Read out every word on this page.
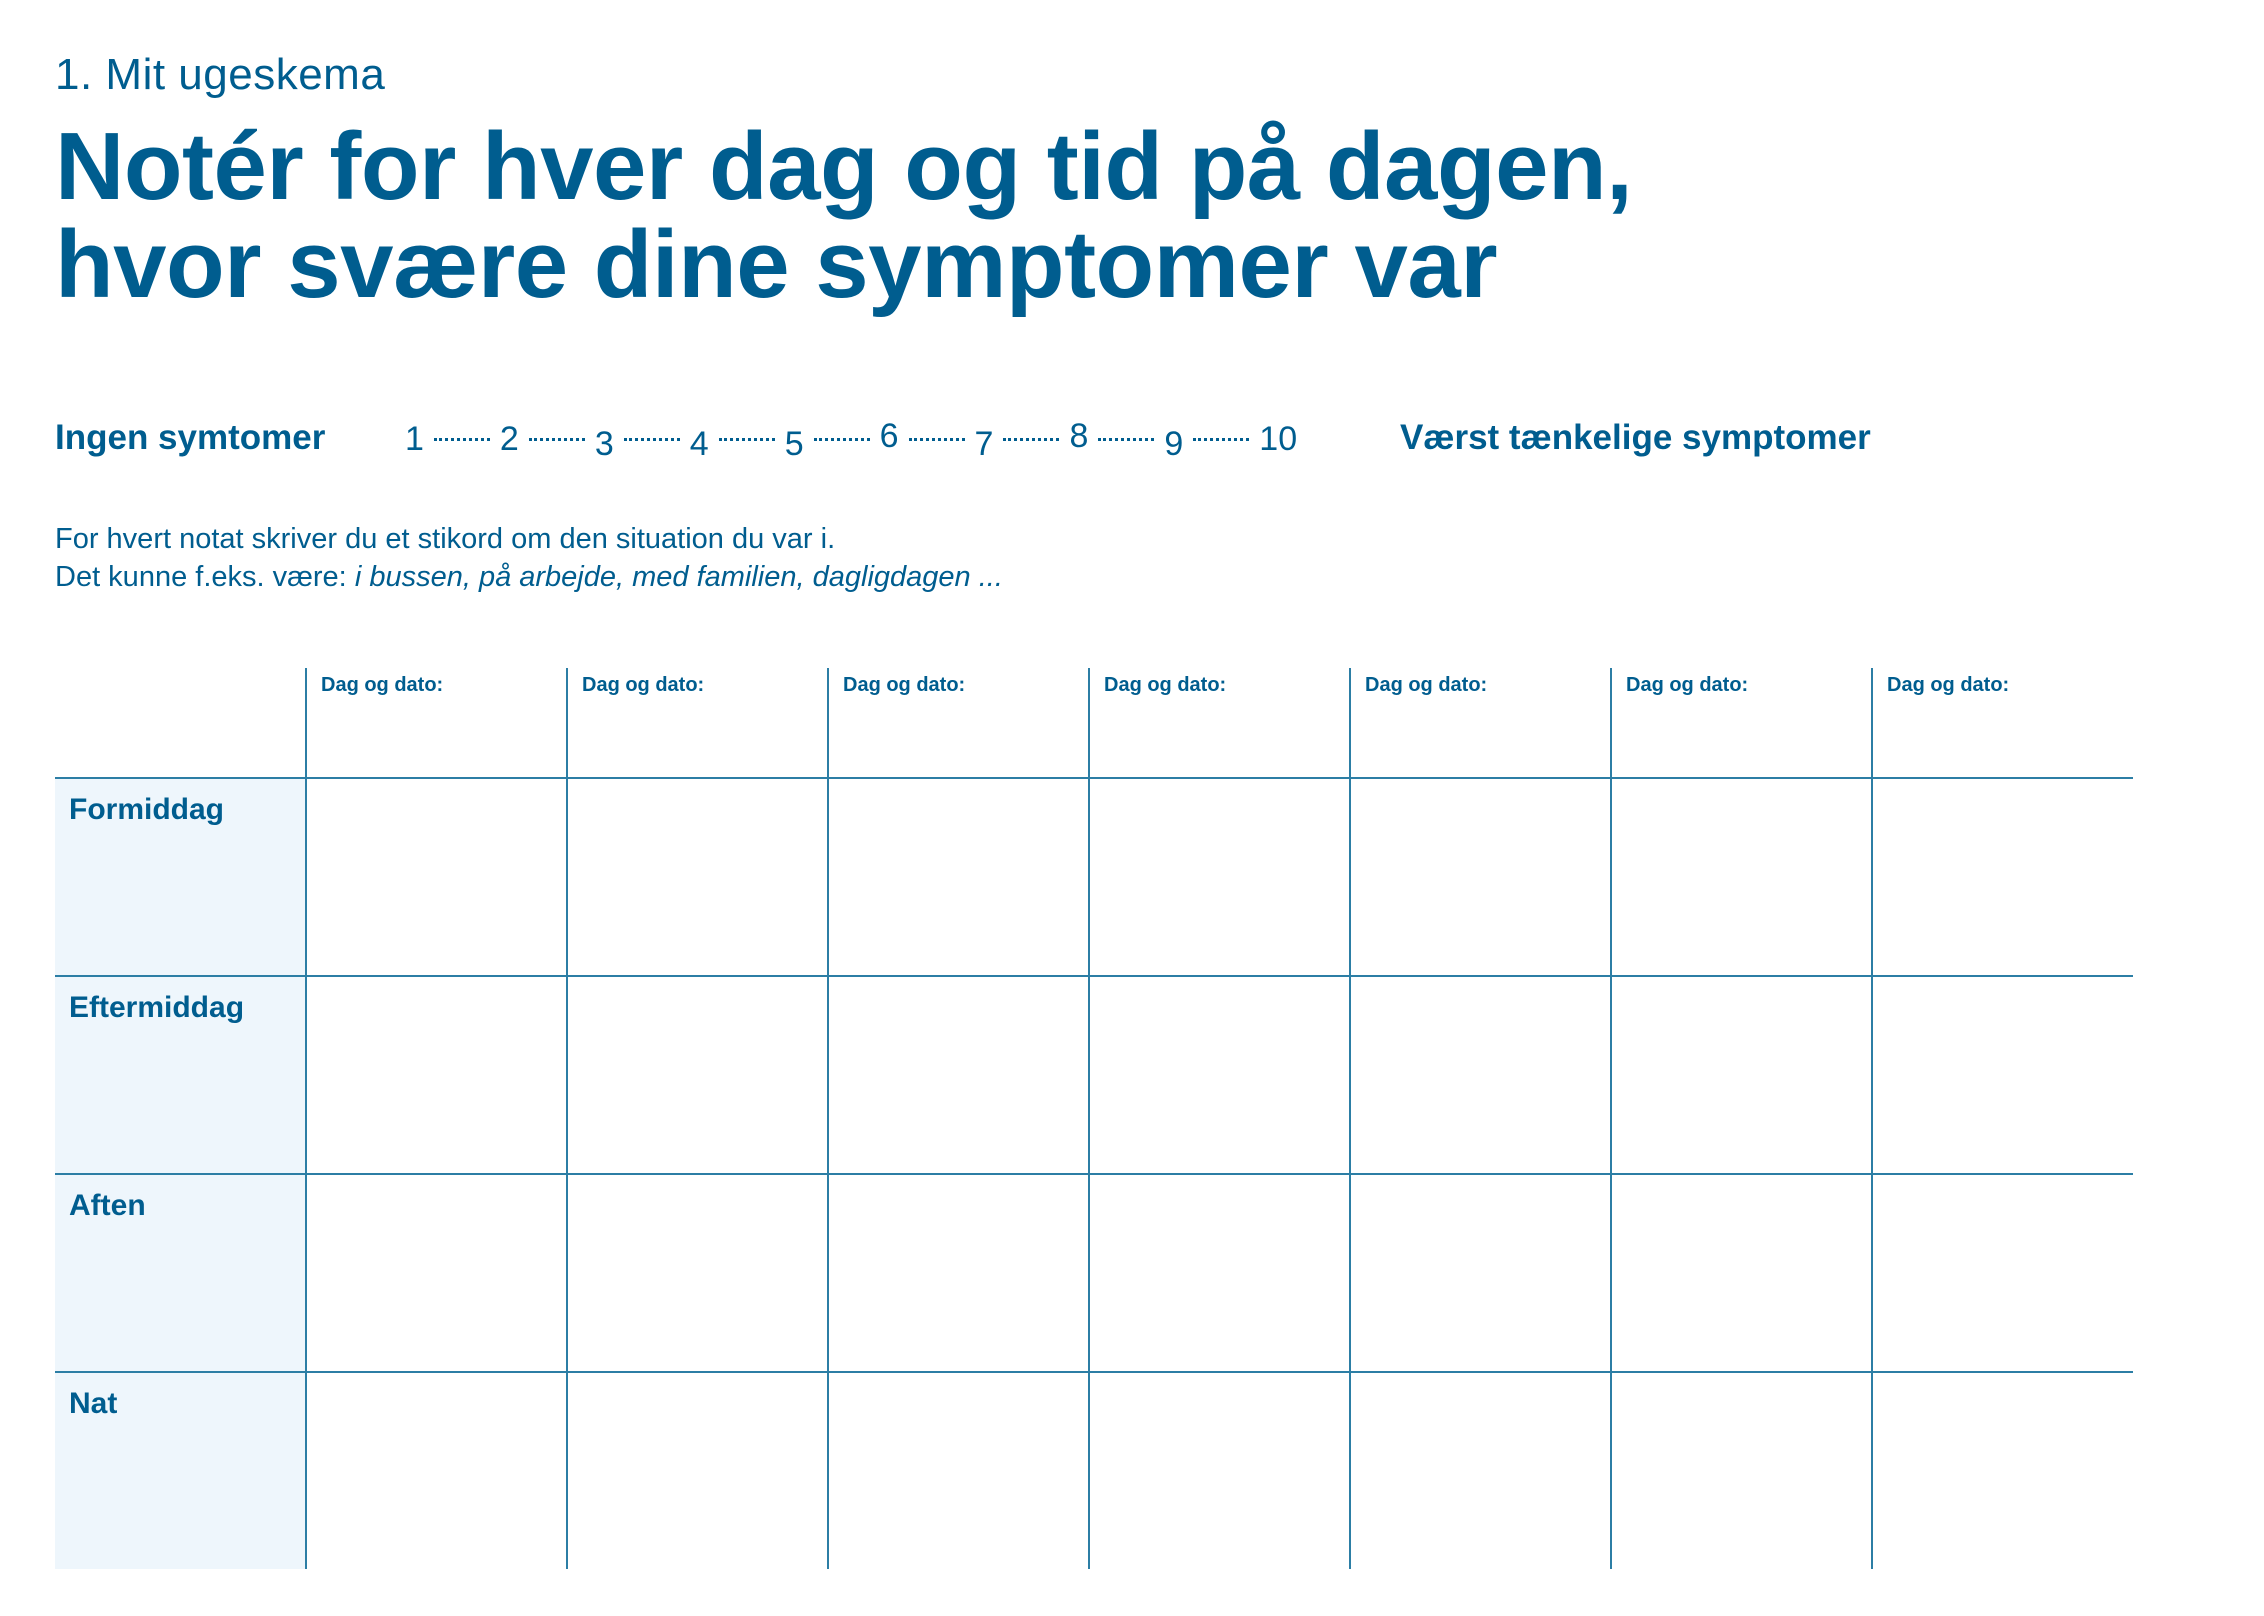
1. Mit ugeskema
Notér for hver dag og tid på dagen,
hvor svære dine symptomer var
Ingen symtomer 1 2 3 4 5 6 7 8 9 10	Værst tænkelige symptomer
For hvert notat skriver du et stikord om den situation du var i.
Det kunne f.eks. være: i bussen, på arbejde, med familien, dagligdagen ...
	Dag og dato:	Dag og dato:	Dag og dato:	Dag og dato:	Dag og dato:	Dag og dato:	Dag og dato:
Formiddag							
Eftermiddag							
Aften							
Nat							
